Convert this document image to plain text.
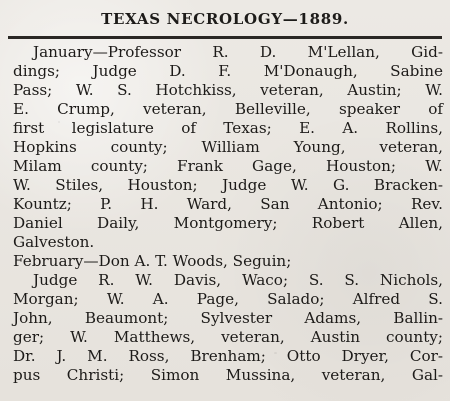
TEXAS NECROLOGY—1889.
January—Professor R. D. M'Lellan, Gid-
dings; Judge D. F. M'Donaugh, Sabine
Pass; W. S. Hotchkiss, veteran, Austin; W.
E. Crump, veteran, Belleville, speaker of
first legislature of Texas; E. A. Rollins,
Hopkins county; William Young, veteran,
Milam county; Frank Gage, Houston; W.
W. Stiles, Houston; Judge W. G. Bracken-
Kountz; P. H. Ward, San Antonio; Rev.
Daniel Daily, Montgomery; Robert Allen,
Galveston.
February—Don A. T. Woods, Seguin;
Judge R. W. Davis, Waco; S. S. Nichols,
Morgan; W. A. Page, Salado; Alfred S.
John, Beaumont; Sylvester Adams, Ballin-
ger; W. Matthews, veteran, Austin county;
Dr. J. M. Ross, Brenham; Otto Dryer, Cor-
pus Christi; Simon Mussina, veteran, Gal-
